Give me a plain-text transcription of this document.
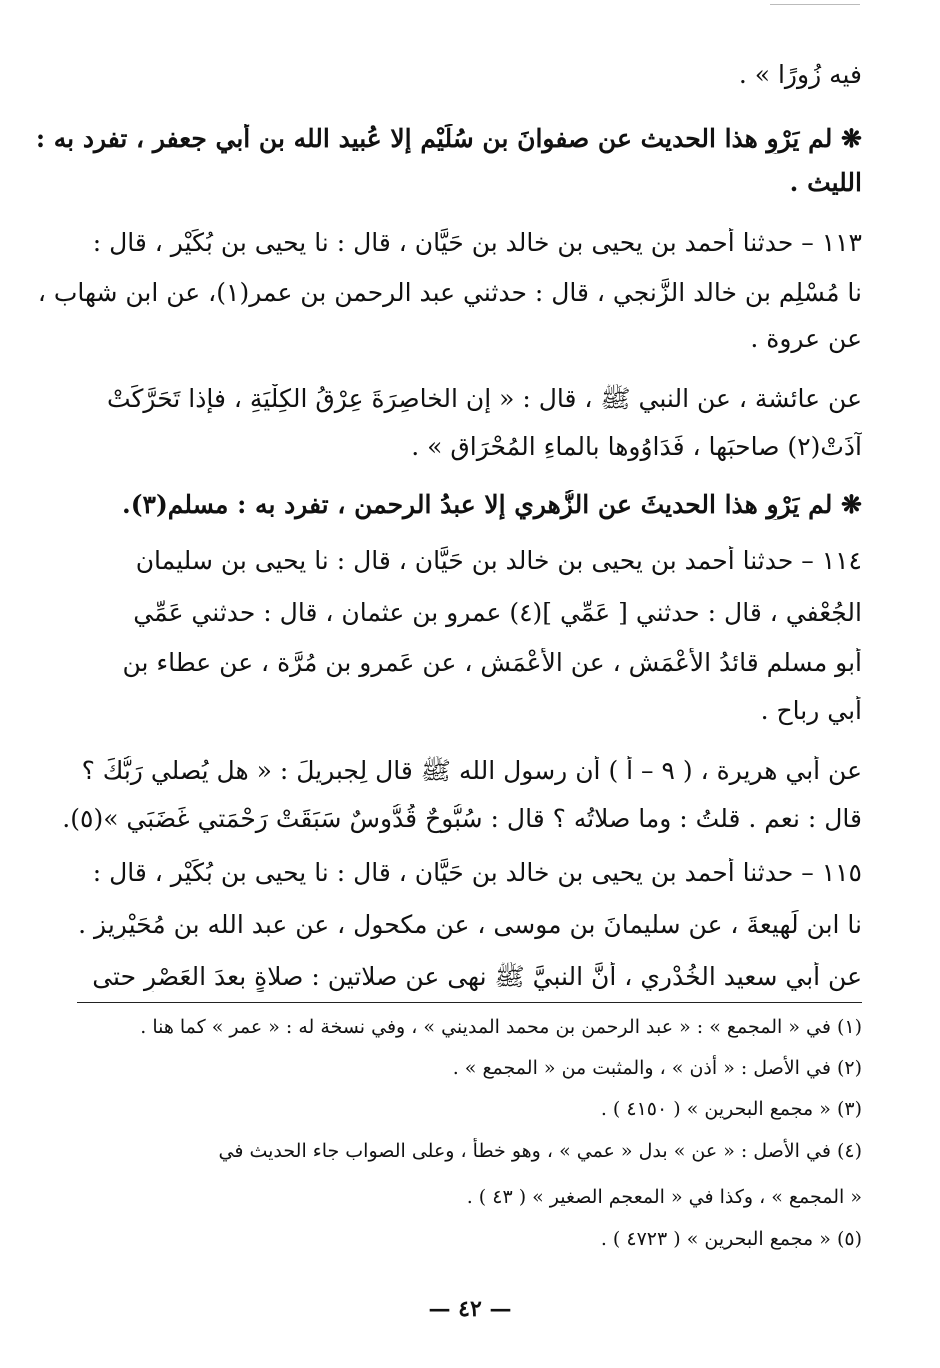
فيه زُورًا » .
❋ لم يَرْوِ هذا الحديث عن صفوانَ بن سُلَيْمٍ إلا عُبيد الله بن أبي جعفر ، تفرد به :
الليث .
١١٣ – حدثنا أحمد بن يحيى بن خالد بن حَيَّان ، قال : نا يحيى بن بُكَيْر ، قال :
نا مُسْلِم بن خالد الزَّنجي ، قال : حدثني عبد الرحمن بن عمر(١)، عن ابن شهاب ،
عن عروة .
عن عائشة ، عن النبي ﷺ ، قال : « إن الخاصِرَةَ عِرْقُ الكِلْيَةِ ، فإذا تَحَرَّكَتْ
آذَتْ(٢) صاحبَها ، فَدَاوُوها بالماءِ المُحْرَاق » .
❋ لم يَرْوِ هذا الحديثَ عن الزُّهري إلا عبدُ الرحمن ، تفرد به : مسلم(٣).
١١٤ – حدثنا أحمد بن يحيى بن خالد بن حَيَّان ، قال : نا يحيى بن سليمان
الجُعْفي ، قال : حدثني [ عَمِّي ](٤) عمرو بن عثمان ، قال : حدثني عَمِّي
أبو مسلم قائدُ الأَعْمَش ، عن الأَعْمَش ، عن عَمرو بن مُرَّة ، عن عطاء بن
أبي رباح .
عن أبي هريرة ، ( ٩ – أ ) أن رسول الله ﷺ قال لِجبريلَ : « هل يُصلي رَبُّكَ ؟
قال : نعم . قلتُ : وما صلاتُه ؟ قال : سُبُّوحٌ قُدُّوسٌ سَبَقَتْ رَحْمَتي غَضَبَي »(٥).
١١٥ – حدثنا أحمد بن يحيى بن خالد بن حَيَّان ، قال : نا يحيى بن بُكَيْر ، قال :
نا ابن لَهِيعةَ ، عن سليمانَ بن موسى ، عن مكحول ، عن عبد الله بن مُحَيْرِيز .
عن أبي سعيد الخُدْري ، أَنَّ النبيَّ ﷺ نهى عن صلاتين : صلاةٍ بعدَ العَصْرِ حتى
(١) في « المجمع » : « عبد الرحمن بن محمد المديني » ، وفي نسخة له : « عمر » كما هنا .
(٢) في الأصل : « أذن » ، والمثبت من « المجمع » .
(٣) « مجمع البحرين » ( ٤١٥٠ ) .
(٤) في الأصل : « عن » بدل « عمي » ، وهو خطأ ، وعلى الصواب جاء الحديث في
« المجمع » ، وكذا في « المعجم الصغير » ( ٤٣ ) .
(٥) « مجمع البحرين » ( ٤٧٢٣ ) .
— ٤٢ —
